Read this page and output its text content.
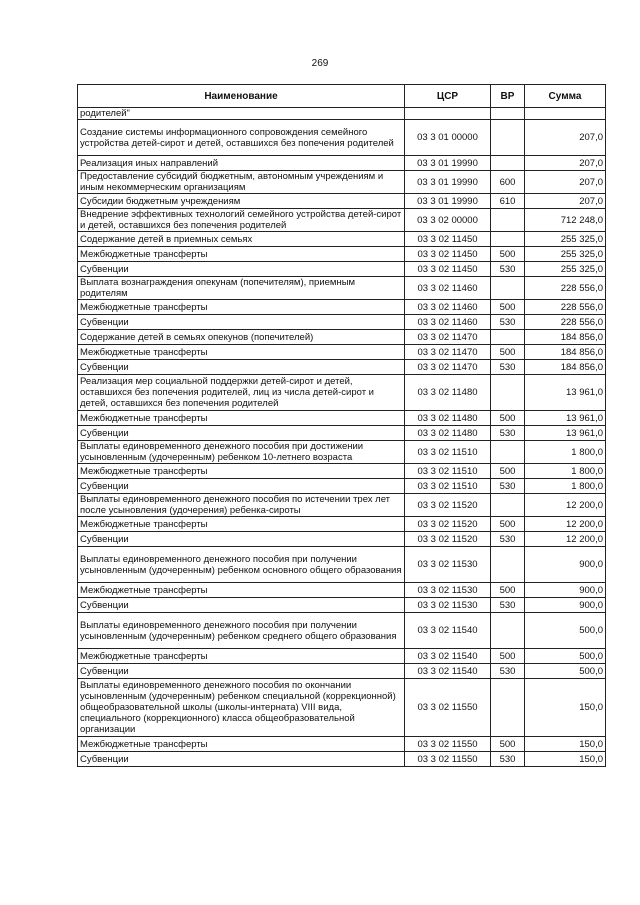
269
Наименование	ЦСР	ВР	Сумма
родителей"			
Создание системы информационного сопровождения семейного устройства детей-сирот и детей, оставшихся без попечения родителей	03 3 01 00000		207,0
Реализация иных направлений	03 3 01 19990		207,0
Предоставление субсидий бюджетным, автономным учреждениям и иным некоммерческим организациям	03 3 01 19990	600	207,0
Субсидии бюджетным учреждениям	03 3 01 19990	610	207,0
Внедрение эффективных технологий семейного устройства детей-сирот и детей, оставшихся без попечения родителей	03 3 02 00000		712 248,0
Содержание детей в приемных семьях	03 3 02 11450		255 325,0
Межбюджетные трансферты	03 3 02 11450	500	255 325,0
Субвенции	03 3 02 11450	530	255 325,0
Выплата вознаграждения опекунам (попечителям), приемным родителям	03 3 02 11460		228 556,0
Межбюджетные трансферты	03 3 02 11460	500	228 556,0
Субвенции	03 3 02 11460	530	228 556,0
Содержание детей в семьях опекунов (попечителей)	03 3 02 11470		184 856,0
Межбюджетные трансферты	03 3 02 11470	500	184 856,0
Субвенции	03 3 02 11470	530	184 856,0
Реализация мер социальной поддержки детей-сирот и детей, оставшихся без попечения родителей, лиц из числа детей-сирот и детей, оставшихся без попечения родителей	03 3 02 11480		13 961,0
Межбюджетные трансферты	03 3 02 11480	500	13 961,0
Субвенции	03 3 02 11480	530	13 961,0
Выплаты единовременного денежного пособия при достижении усыновленным (удочеренным) ребенком 10-летнего возраста	03 3 02 11510		1 800,0
Межбюджетные трансферты	03 3 02 11510	500	1 800,0
Субвенции	03 3 02 11510	530	1 800,0
Выплаты единовременного денежного пособия по истечении трех лет после усыновления (удочерения) ребенка-сироты	03 3 02 11520		12 200,0
Межбюджетные трансферты	03 3 02 11520	500	12 200,0
Субвенции	03 3 02 11520	530	12 200,0
Выплаты единовременного денежного пособия при получении усыновленным (удочеренным) ребенком основного общего образования	03 3 02 11530		900,0
Межбюджетные трансферты	03 3 02 11530	500	900,0
Субвенции	03 3 02 11530	530	900,0
Выплаты единовременного денежного пособия при получении усыновленным (удочеренным) ребенком среднего общего образования	03 3 02 11540		500,0
Межбюджетные трансферты	03 3 02 11540	500	500,0
Субвенции	03 3 02 11540	530	500,0
Выплаты единовременного денежного пособия по окончании усыновленным (удочеренным) ребенком специальной (коррекционной) общеобразовательной школы (школы-интерната) VIII вида, специального (коррекционного) класса общеобразовательной организации	03 3 02 11550		150,0
Межбюджетные трансферты	03 3 02 11550	500	150,0
Субвенции	03 3 02 11550	530	150,0
